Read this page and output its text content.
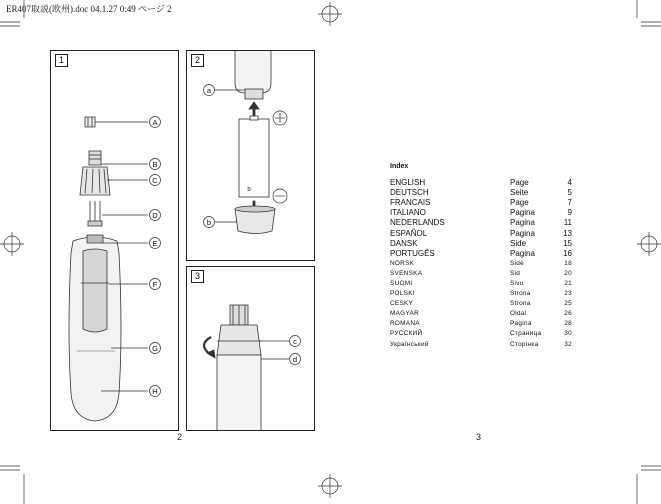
ER407取説(欧州).doc 04.1.27 0:49 ページ 2
A
B
C
D
E
F
G
H
1
a
b
b
2
c
d
3
2	3
Index
ENGLISH	Page	4
DEUTSCH	Seite	5
FRANCAIS	Page	7
ITALIANO	Pagina	9
NEDERLANDS	Pagina	11
ESPAÑOL	Pagina	13
DANSK	Side	15
PORTUGÊS	Pagina	16
NORSK	Side	18
SVENSKA	Sid	20
SUOMI	Sivu	21
POLSKI	Strona	23
CESKY	Strona	25
MAGYAR	Oldal	26
ROMANA	Pagina	28
РУССКИЙ	Страница	30
Українcький	Сторінка	32
